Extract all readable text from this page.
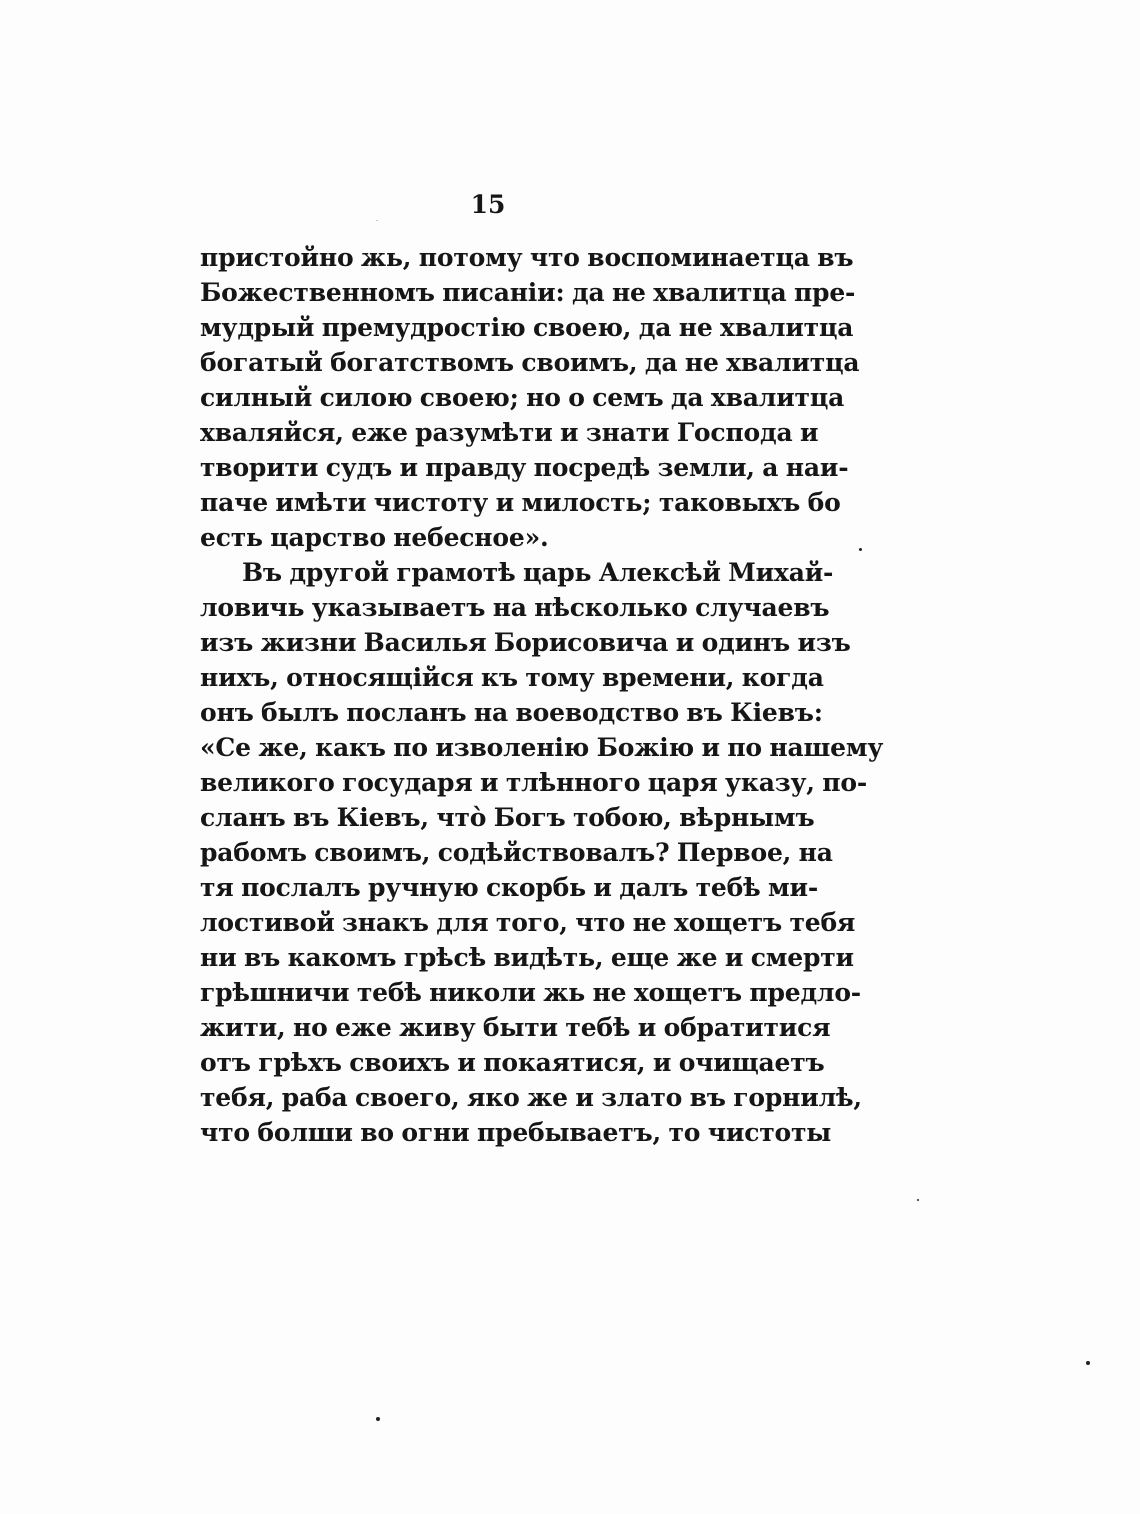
15
пристойно жь, потому что воспоминаетца въ
Божественномъ писанiи: да не хвалитца пре-
мудрый премудростiю своею, да не хвалитца
богатый богатствомъ своимъ, да не хвалитца
силный силою своею; но о семъ да хвалитца
хваляйся, еже разумѣти и знати Господа и
творити судъ и правду посредѣ земли, а наи-
паче имѣти чистоту и милость; таковыхъ бо
есть царство небесное».
Въ другой грамотѣ царь Алексѣй Михай-
ловичь указываетъ на нѣсколько случаевъ
изъ жизни Василья Борисовича и одинъ изъ
нихъ, относящiйся къ тому времени, когда
онъ былъ посланъ на воеводство въ Кiевъ:
«Се же, какъ по изволенiю Божiю и по нашему
великого государя и тлѣнного царя указу, по-
сланъ въ Кiевъ, что̀ Богъ тобою, вѣрнымъ
рабомъ своимъ, содѣйствовалъ? Первое, на
тя послалъ ручную скорбь и далъ тебѣ ми-
лостивой знакъ для того, что не хощетъ тебя
ни въ какомъ грѣсѣ видѣть, еще же и смерти
грѣшничи тебѣ николи жь не хощетъ предло-
жити, но еже живу быти тебѣ и обратитися
отъ грѣхъ своихъ и покаятися, и очищаетъ
тебя, раба своего, яко же и злато въ горнилѣ,
что болши во огни пребываетъ, то чистоты
